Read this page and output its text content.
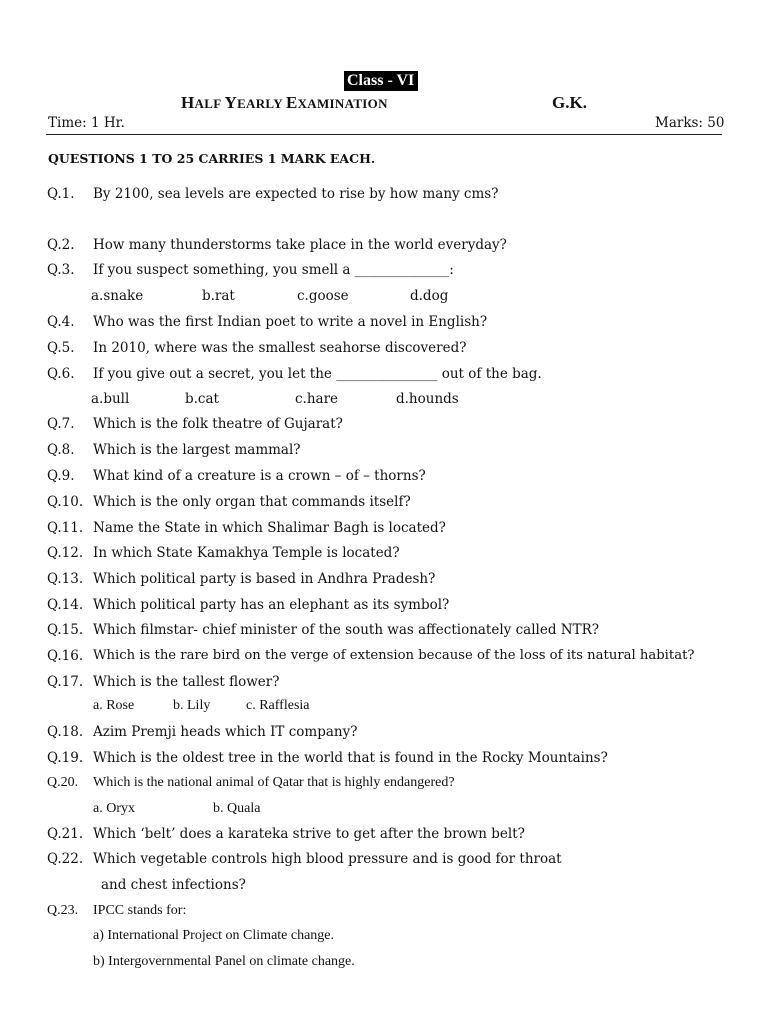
Class - VI
HALF YEARLY EXAMINATION	G.K.
Time: 1 Hr.	Marks: 50
QUESTIONS 1 TO 25 CARRIES 1 MARK EACH.
Q.1. By 2100, sea levels are expected to rise by how many cms?
Q.2. How many thunderstorms take place in the world everyday?
Q.3. If you suspect something, you smell a ______________:
a.snake	b.rat	c.goose	d.dog
Q.4. Who was the first Indian poet to write a novel in English?
Q.5. In 2010, where was the smallest seahorse discovered?
Q.6. If you give out a secret, you let the _______________ out of the bag.
a.bull	b.cat	c.hare	d.hounds
Q.7. Which is the folk theatre of Gujarat?
Q.8. Which is the largest mammal?
Q.9. What kind of a creature is a crown – of – thorns?
Q.10. Which is the only organ that commands itself?
Q.11. Name the State in which Shalimar Bagh is located?
Q.12. In which State Kamakhya Temple is located?
Q.13. Which political party is based in Andhra Pradesh?
Q.14. Which political party has an elephant as its symbol?
Q.15. Which filmstar- chief minister of the south was affectionately called NTR?
Q.16. Which is the rare bird on the verge of extension because of the loss of its natural habitat?
Q.17. Which is the tallest flower?
a. Rose	b. Lily	c. Rafflesia
Q.18. Azim Premji heads which IT company?
Q.19. Which is the oldest tree in the world that is found in the Rocky Mountains?
Q.20. Which is the national animal of Qatar that is highly endangered?
a. Oryx	b. Quala
Q.21. Which ‘belt’ does a karateka strive to get after the brown belt?
Q.22. Which vegetable controls high blood pressure and is good for throat
and chest infections?
Q.23. IPCC stands for:
a) International Project on Climate change.
b) Intergovernmental Panel on climate change.
